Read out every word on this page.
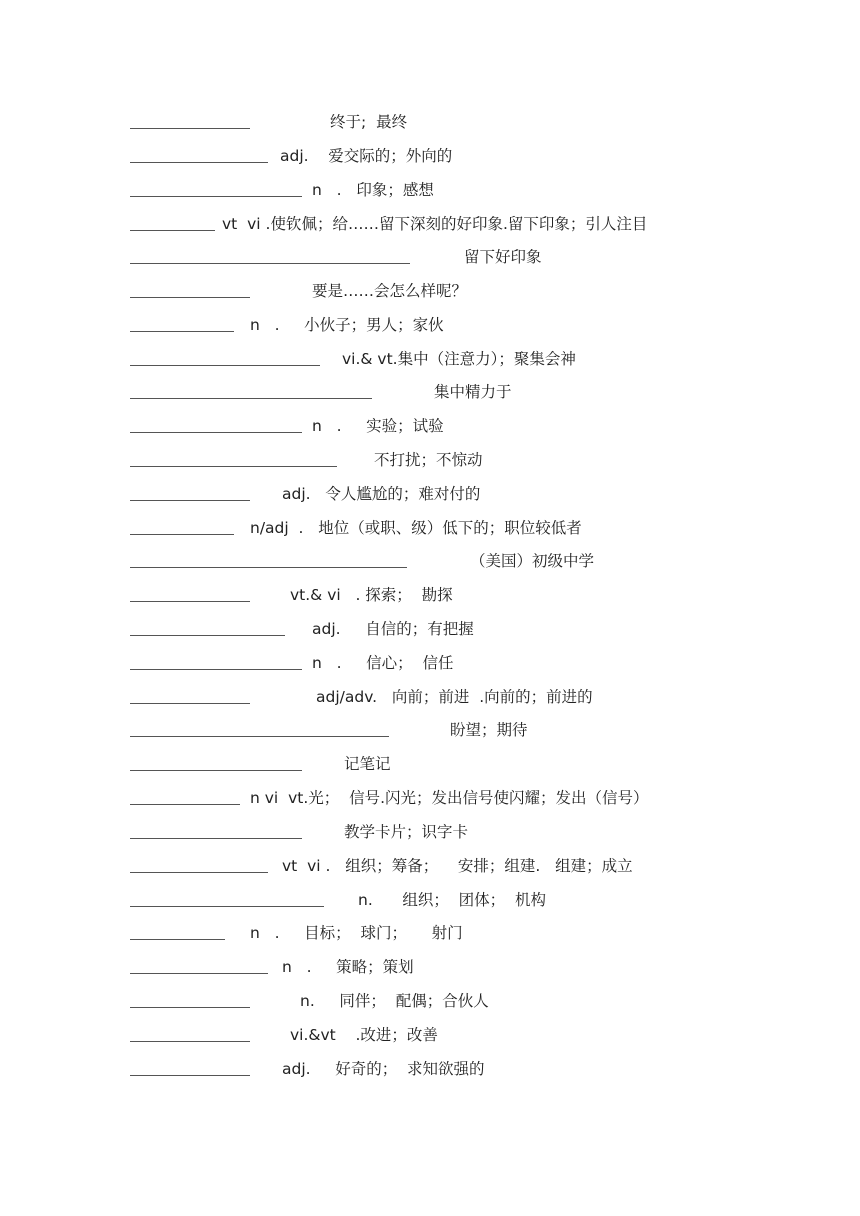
终于;  最终
adj.    爱交际的；外向的
n   .   印象；感想
vt  vi .使钦佩；给……留下深刻的好印象.留下印象；引人注目
留下好印象
要是……会怎么样呢？
n   .     小伙子；男人；家伙
vi.& vt.集中（注意力）；聚集会神
集中精力于
n   .     实验；试验
不打扰；不惊动
adj.   令人尴尬的；难对付的
n/adj  .   地位（或职、级）低下的；职位较低者
（美国）初级中学
vt.& vi   . 探索；  勘探
adj.     自信的；有把握
n   .     信心；  信任
adj/adv.   向前；前进  .向前的；前进的
盼望；期待
记笔记
n vi  vt.光；  信号.闪光；发出信号使闪耀；发出（信号）
教学卡片；识字卡
vt  vi .   组织；筹备；    安排；组建.   组建；成立
n.      组织；  团体；  机构
n   .     目标；  球门；     射门
n   .     策略；策划
n.     同伴；  配偶；合伙人
vi.&vt    .改进；改善
adj.     好奇的；  求知欲强的
